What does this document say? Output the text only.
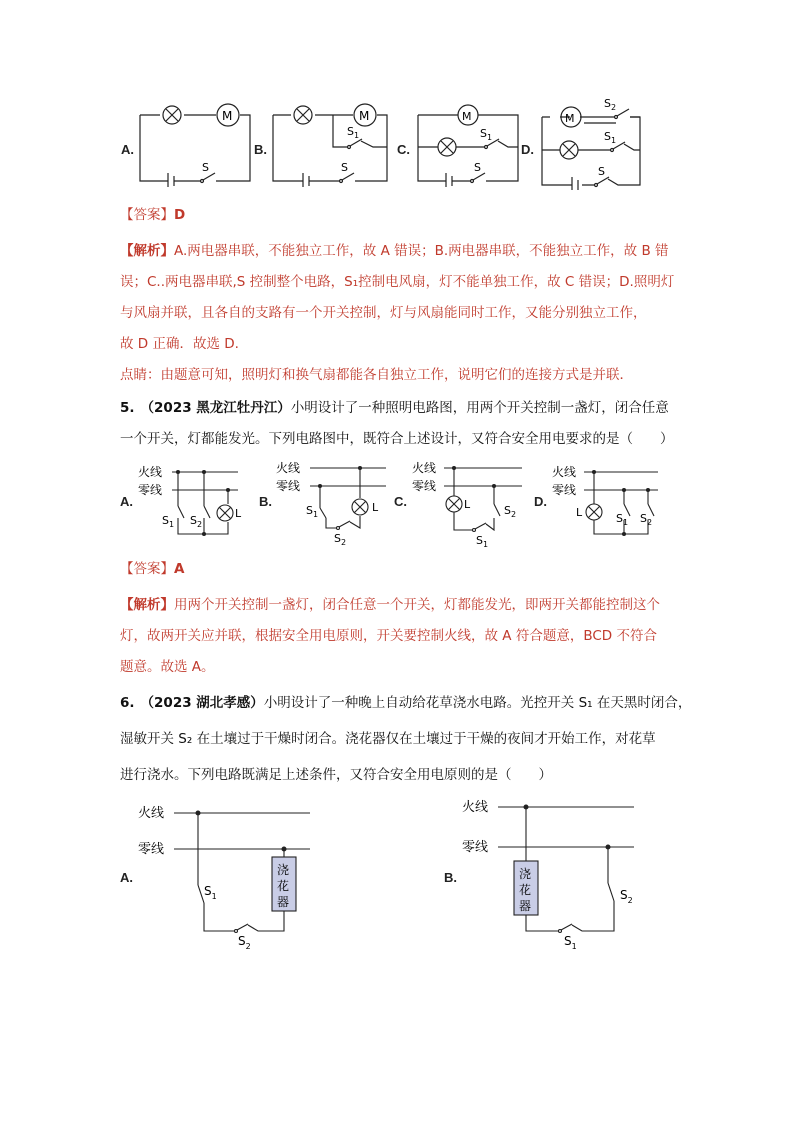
A.	B.	C.	D.
M
S
M
$S_1$
S
M
$S_1$
S
M
$S_2$
$S_1$
S
【答案】D
【解析】A.两电器串联，不能独立工作，故 A 错误；B.两电器串联，不能独立工作，故 B 错
误；C..两电器串联,S 控制整个电路，S₁控制电风扇，灯不能单独工作，故 C 错误；D.照明灯
与风扇并联，且各自的支路有一个开关控制，灯与风扇能同时工作，又能分别独立工作，
故 D 正确．故选 D.
点睛：由题意可知，照明灯和换气扇都能各自独立工作，说明它们的连接方式是并联．
5. （2023 黑龙江牡丹江）小明设计了一种照明电路图，用两个开关控制一盏灯，闭合任意
一个开关，灯都能发光。下列电路图中，既符合上述设计，又符合安全用电要求的是（　　）
A.	B.	C.	D.
火线
零线
$S_1$ $S_2$
L
火线
零线
$S_1$
$S_2$
L
火线
零线
L	$S_2$
$S_1$
火线
零线
L	$S_1$ $S_2$
【答案】A
【解析】用两个开关控制一盏灯，闭合任意一个开关，灯都能发光，即两开关都能控制这个
灯，故两开关应并联，根据安全用电原则，开关要控制火线，故 A 符合题意，BCD 不符合
题意。故选 A。
6. （2023 湖北孝感）小明设计了一种晚上自动给花草浇水电路。光控开关 S₁ 在天黑时闭合，
湿敏开关 S₂ 在土壤过于干燥时闭合。浇花器仅在土壤过于干燥的夜间才开始工作，对花草
进行浇水。下列电路既满足上述条件，又符合安全用电原则的是（　　）
A.	B.
浇
花
器
火线
零线
$S_1$
$S_2$
浇
花
器
火线
零线
$S_2$
$S_1$
